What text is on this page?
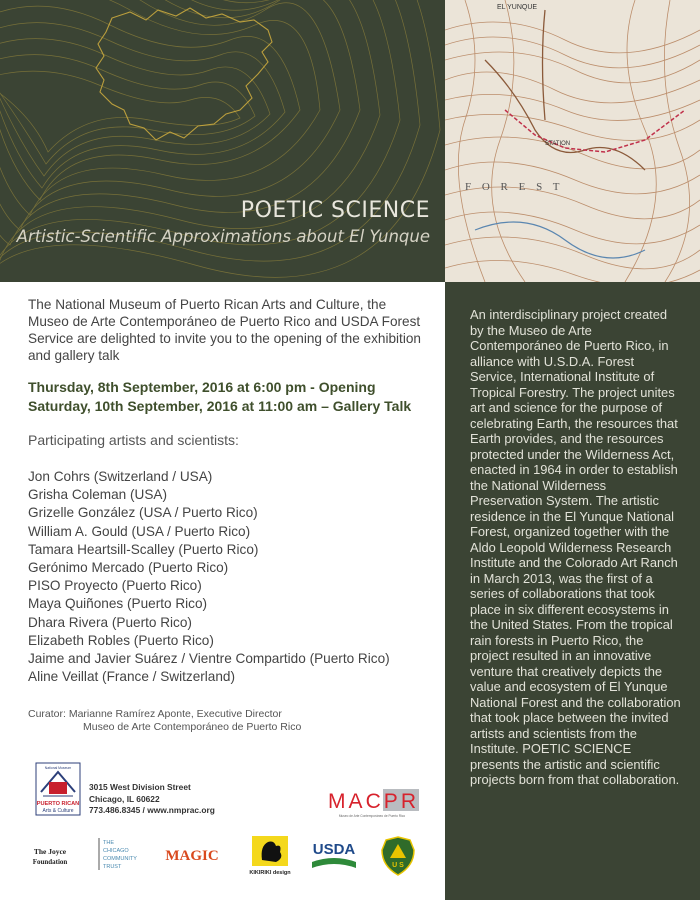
EL YUNQUE
STATION
F O R E S T
POETIC SCIENCE
Artistic-Scientific Approximations about El Yunque
The National Museum of Puerto Rican Arts and Culture, the Museo de Arte Contemporáneo de Puerto Rico and USDA Forest Service are delighted to invite you to the opening of the exhibition and gallery talk
Thursday, 8th September, 2016 at 6:00 pm - Opening
Saturday, 10th September, 2016 at 11:00 am – Gallery Talk
Participating artists and scientists:
Jon Cohrs (Switzerland / USA)
Grisha Coleman (USA)
Grizelle González (USA / Puerto Rico)
William A. Gould (USA / Puerto Rico)
Tamara Heartsill-Scalley (Puerto Rico)
Gerónimo Mercado (Puerto Rico)
PISO Proyecto (Puerto Rico)
Maya Quiñones (Puerto Rico)
Dhara Rivera (Puerto Rico)
Elizabeth Robles (Puerto Rico)
Jaime and Javier Suárez / Vientre Compartido (Puerto Rico)
Aline Veillat (France / Switzerland)
Curator: Marianne Ramírez Aponte, Executive Director
Museo de Arte Contemporáneo de Puerto Rico
National Museum
PUERTO RICAN
Arts & Culture
3015 West Division Street
Chicago, IL 60622
773.486.8345 / www.nmprac.org	MACPR
Museo de Arte Contemporáneo de Puerto Rico
The Joyce
Foundation
THE
CHICAGO
COMMUNITY
TRUST
MAGIC
KIKIRIKI design
USDA
U S

An interdisciplinary project created by the Museo de Arte Contemporáneo de Puerto Rico, in alliance with U.S.D.A. Forest Service, International Institute of Tropical Forestry. The project unites art and science for the purpose of celebrating Earth, the resources that Earth provides, and the resources protected under the Wilderness Act, enacted in 1964 in order to establish the National Wilderness Preservation System. The artistic residence in the El Yunque National Forest, organized together with the Aldo Leopold Wilderness Research Institute and the Colorado Art Ranch in March 2013, was the first of a series of collaborations that took place in six different ecosystems in the United States. From the tropical rain forests in Puerto Rico, the project resulted in an innovative venture that creatively depicts the value and ecosystem of El Yunque National Forest and the collaboration that took place between the invited artists and scientists from the Institute. POETIC SCIENCE presents the artistic and scientific projects born from that collaboration.
